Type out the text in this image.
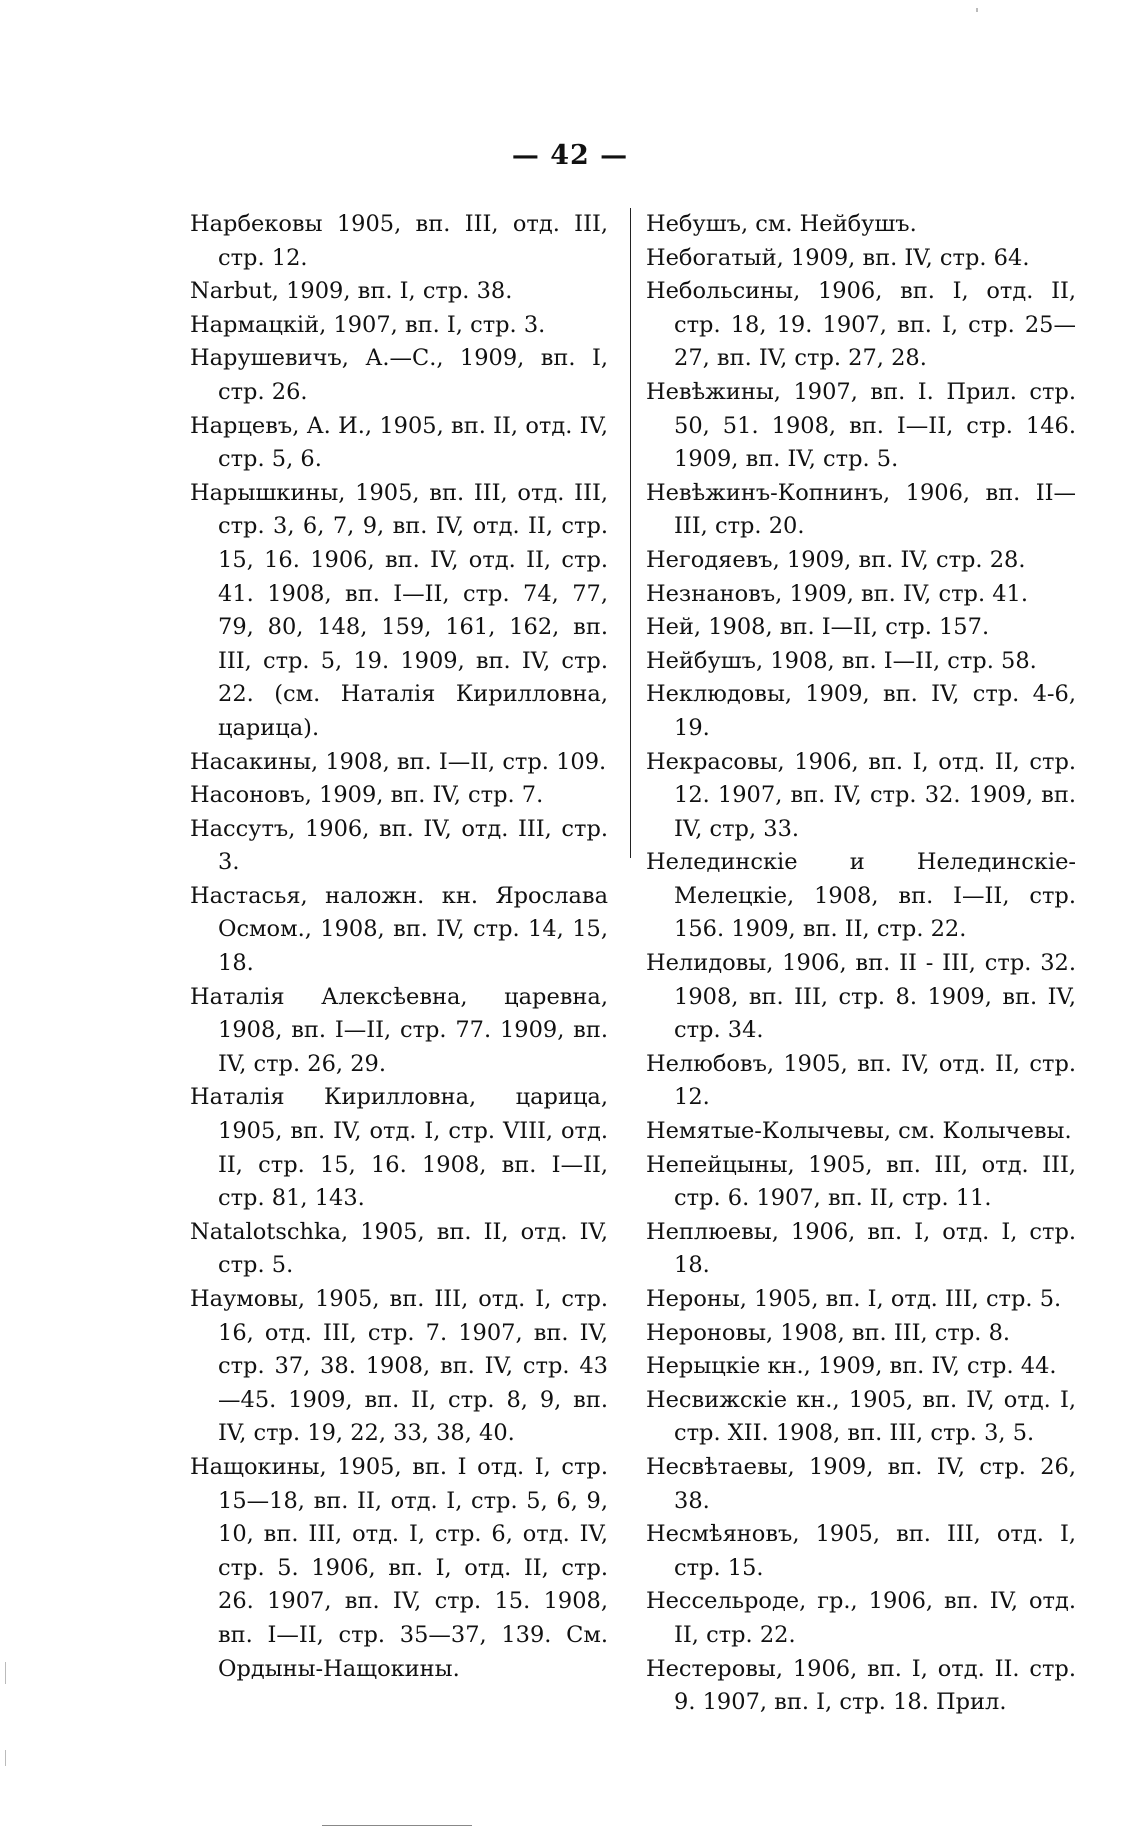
— 42 —

Нарбековы 1905, вп. III, отд. III, стр. 12.

Narbut, 1909, вп. I, стр. 38.

Нармацкій, 1907, вп. I, стр. 3.

Нарушевичъ, А.—С., 1909, вп. I, стр. 26.

Нарцевъ, А. И., 1905, вп. II, отд. IV, стр. 5, 6.

Нарышкины, 1905, вп. III, отд. III, стр. 3, 6, 7, 9, вп. IV, отд. II, стр. 15, 16. 1906, вп. IV, отд. II, стр. 41. 1908, вп. I—II, стр. 74, 77, 79, 80, 148, 159, 161, 162, вп. III, стр. 5, 19. 1909, вп. IV, стр. 22. (см. Наталія Кирилловна, царица).

Насакины, 1908, вп. I—II, стр. 109.

Насоновъ, 1909, вп. IV, стр. 7.

Нассутъ, 1906, вп. IV, отд. III, стр. 3.

Настасья, наложн. кн. Ярослава Осмом., 1908, вп. IV, стр. 14, 15, 18.

Наталія Алексѣевна, царевна, 1908, вп. I—II, стр. 77. 1909, вп. IV, стр. 26, 29.

Наталія Кирилловна, царица, 1905, вп. IV, отд. I, стр. VIII, отд. II, стр. 15, 16. 1908, вп. I—II, стр. 81, 143.

Natalotschka, 1905, вп. II, отд. IV, стр. 5.

Наумовы, 1905, вп. III, отд. I, стр. 16, отд. III, стр. 7. 1907, вп. IV, стр. 37, 38. 1908, вп. IV, стр. 43—45. 1909, вп. II, стр. 8, 9, вп. IV, стр. 19, 22, 33, 38, 40.

Нащокины, 1905, вп. I отд. I, стр. 15—18, вп. II, отд. I, стр. 5, 6, 9, 10, вп. III, отд. I, стр. 6, отд. IV, стр. 5. 1906, вп. I, отд. II, стр. 26. 1907, вп. IV, стр. 15. 1908, вп. I—II, стр. 35—37, 139. См. Ордыны-Нащокины.

Небушъ, см. Нейбушъ.

Небогатый, 1909, вп. IV, стр. 64.

Небольсины, 1906, вп. I, отд. II, стр. 18, 19. 1907, вп. I, стр. 25—27, вп. IV, стр. 27, 28.

Невѣжины, 1907, вп. I. Прил. стр. 50, 51. 1908, вп. I—II, стр. 146. 1909, вп. IV, стр. 5.

Невѣжинъ-Копнинъ, 1906, вп. II—III, стр. 20.

Негодяевъ, 1909, вп. IV, стр. 28.

Незнановъ, 1909, вп. IV, стр. 41.

Ней, 1908, вп. I—II, стр. 157.

Нейбушъ, 1908, вп. I—II, стр. 58.

Неклюдовы, 1909, вп. IV, стр. 4-6, 19.

Некрасовы, 1906, вп. I, отд. II, стр. 12. 1907, вп. IV, стр. 32. 1909, вп. IV, стр, 33.

Нелединскіе и Нелединскіе-Мелецкіе, 1908, вп. I—II, стр. 156. 1909, вп. II, стр. 22.

Нелидовы, 1906, вп. II - III, стр. 32. 1908, вп. III, стр. 8. 1909, вп. IV, стр. 34.

Нелюбовъ, 1905, вп. IV, отд. II, стр. 12.

Немятые-Колычевы, см. Колычевы.

Непейцыны, 1905, вп. III, отд. III, стр. 6. 1907, вп. II, стр. 11.

Неплюевы, 1906, вп. I, отд. I, стр. 18.

Нероны, 1905, вп. I, отд. III, стр. 5.

Нероновы, 1908, вп. III, стр. 8.

Нерыцкіе кн., 1909, вп. IV, стр. 44.

Несвижскіе кн., 1905, вп. IV, отд. I, стр. XII. 1908, вп. III, стр. 3, 5.

Несвѣтаевы, 1909, вп. IV, стр. 26, 38.

Несмѣяновъ, 1905, вп. III, отд. I, стр. 15.

Нессельроде, гр., 1906, вп. IV, отд. II, стр. 22.

Нестеровы, 1906, вп. I, отд. II. стр. 9. 1907, вп. I, стр. 18. Прил.
